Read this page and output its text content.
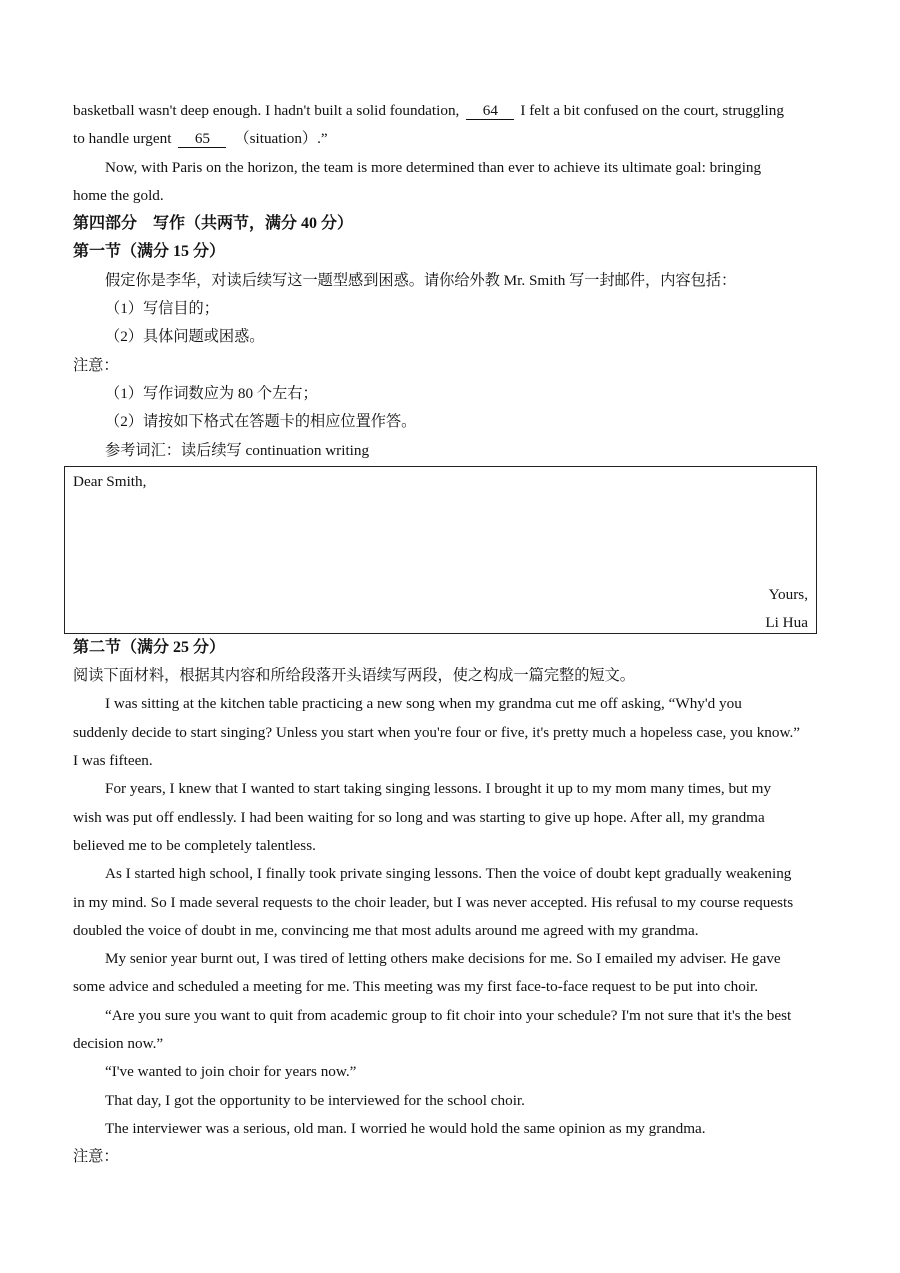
basketball wasn't deep enough. I hadn't built a solid foundation, 64 I felt a bit confused on the court, struggling
to handle urgent 65 （situation）.”
Now, with Paris on the horizon, the team is more determined than ever to achieve its ultimate goal: bringing
home the gold.
第四部分　写作（共两节，满分 40 分）
第一节（满分 15 分）
假定你是李华，对读后续写这一题型感到困惑。请你给外教 Mr. Smith 写一封邮件，内容包括：
（1）写信目的；
（2）具体问题或困惑。
注意：
（1）写作词数应为 80 个左右；
（2）请按如下格式在答题卡的相应位置作答。
参考词汇：读后续写 continuation writing
Dear Smith,
Yours,
Li Hua
第二节（满分 25 分）
阅读下面材料，根据其内容和所给段落开头语续写两段，使之构成一篇完整的短文。
I was sitting at the kitchen table practicing a new song when my grandma cut me off asking, “Why'd you
suddenly decide to start singing? Unless you start when you're four or five, it's pretty much a hopeless case, you know.”
I was fifteen.
For years, I knew that I wanted to start taking singing lessons. I brought it up to my mom many times, but my
wish was put off endlessly. I had been waiting for so long and was starting to give up hope. After all, my grandma
believed me to be completely talentless.
As I started high school, I finally took private singing lessons. Then the voice of doubt kept gradually weakening
in my mind. So I made several requests to the choir leader, but I was never accepted. His refusal to my course requests
doubled the voice of doubt in me, convincing me that most adults around me agreed with my grandma.
My senior year burnt out, I was tired of letting others make decisions for me. So I emailed my adviser. He gave
some advice and scheduled a meeting for me. This meeting was my first face-to-face request to be put into choir.
“Are you sure you want to quit from academic group to fit choir into your schedule? I'm not sure that it's the best
decision now.”
“I've wanted to join choir for years now.”
That day, I got the opportunity to be interviewed for the school choir.
The interviewer was a serious, old man. I worried he would hold the same opinion as my grandma.
注意：
